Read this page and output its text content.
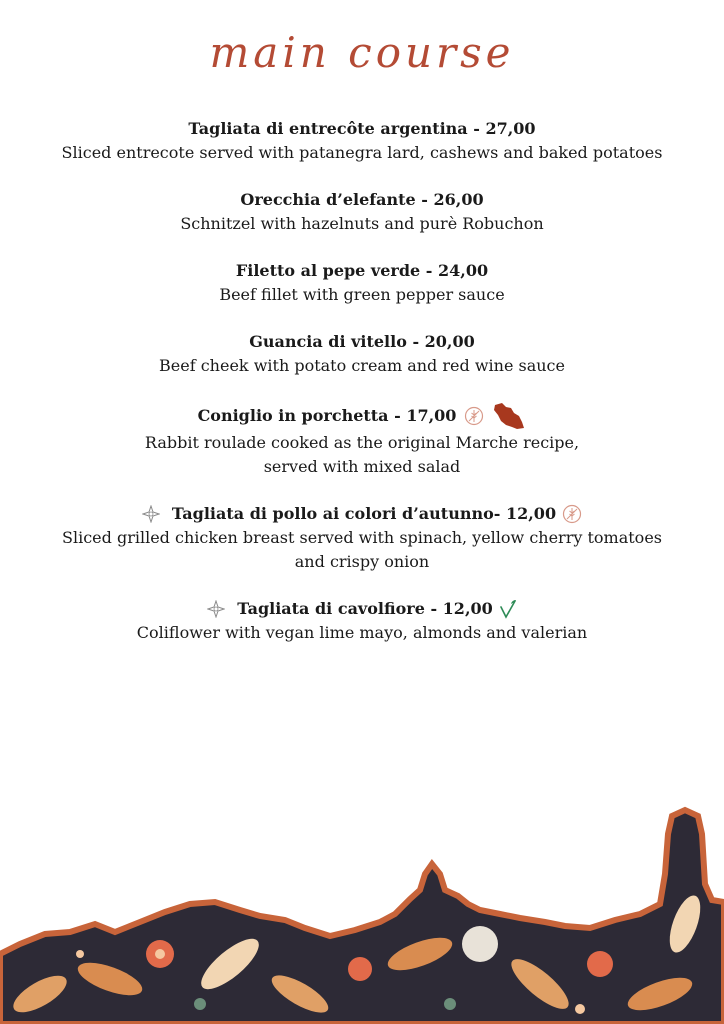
main course
Tagliata di entrecôte argentina - 27,00
Sliced entrecote served with patanegra lard, cashews and baked potatoes
Orecchia d’elefante - 26,00
Schnitzel with hazelnuts and purè Robuchon
Filetto al pepe verde - 24,00
Beef fillet with green pepper sauce
Guancia di vitello - 20,00
Beef cheek with potato cream and red wine sauce
Coniglio in porchetta - 17,00
Rabbit roulade cooked as the original Marche recipe,
served with mixed salad
Tagliata di pollo ai colori d’autunno- 12,00
Sliced grilled chicken breast served with spinach, yellow cherry tomatoes
and crispy onion
Tagliata di cavolfiore - 12,00
Coliflower with vegan lime mayo, almonds and valerian
